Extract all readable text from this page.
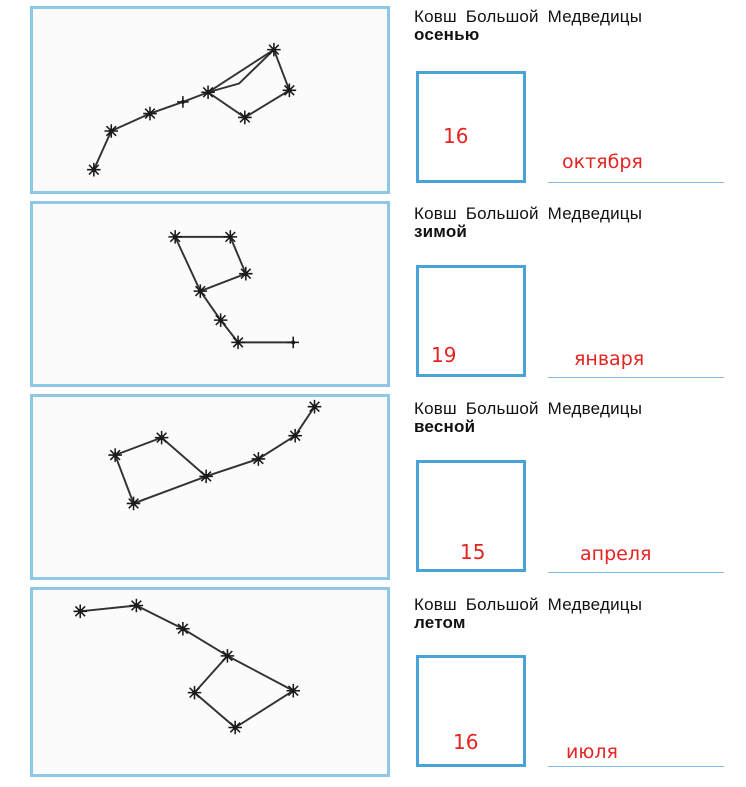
Ковш Большой Медведицы
осенью
16
октября
Ковш Большой Медведицы
зимой
19	января
Ковш Большой Медведицы
весной
15	апреля
Ковш Большой Медведицы
летом
16	июля
